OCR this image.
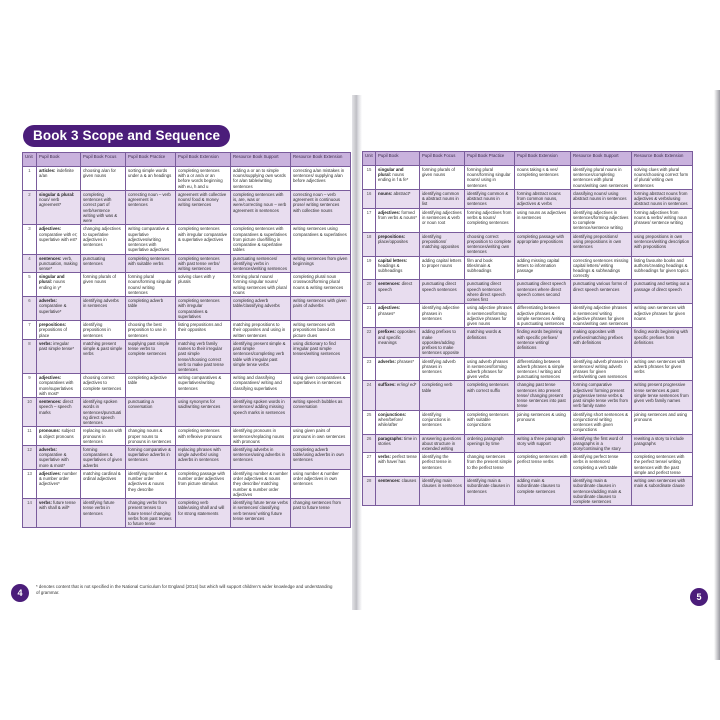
Book 3 Scope and Sequence
Unit	Pupil Book	Pupil Book Focus	Pupil Book Practice	Pupil Book Extension	Resource Book Support	Resource Book Extension
1	articles: indefinite a/an	choosing a/an for given nouns	sorting simple words under a & an headings	completing sentences with a or an/a or an before words beginning with eu, h and u	adding a or an to simple nouns/supplying own words for a/an table/writing sentences	correcting a/an mistakes in sentences/ supplying a/an before adjectives
2	singular & plural: noun/ verb agreement*	completing sentences with correct part of verb/sentence writing with was & were	correcting noun – verb agreement in sentences	agreement with collective nouns/ food & money writing sentences	completing sentences with is, are, was or were/correcting noun – verb agreement in sentences	correcting noun – verb agreement in continuous prose/ writing sentences with collective nouns
3	adjectives: comparative with er; superlative with est*	changing adjectives to superlative adjectives in sentences	writing comparative & superlative adjectives/writing sentences with superlative adjectives	completing sentences with irregular comparative & superlative adjectives	completing sentences with comparatives & superlatives from picture clue/filling in comparative & superlative tables	writing sentences using comparatives & superlatives
4	sentences: verb, punctuation, making sense*	punctuating sentences	completing sentences with suitable verbs	completing sentences with past tense verbs/ writing sentences	punctuating sentences/ identifying verbs in sentences/writing sentences	writing sentences from given beginnings
5	singular and plural: nouns ending in y*	forming plurals of given nouns	forming plural nouns/forming singular nouns/ writing sentences	solving clues with y plurals	forming plural nouns/ forming singular nouns/ writing sentences with plural nouns	completing plural noun crossword/forming plural nouns & writing sentences
6	adverbs: comparative & superlative*	identifying adverbs in sentences	completing adverb table	completing sentences with irregular comparatives & superlatives	completing adverb table/classifying adverbs	writing sentences with given pairs of adverbs
7	prepositions: prepositions of place	identifying prepositions in sentences	choosing the best preposition to use in sentences	listing prepositions and their opposites	matching prepositions to their opposites and using in written sentences	writing sentences with prepositions based on picture clues
8	verbs: irregular past simple tense*	matching present simple & past simple verbs	supplying past simple tense verbs to complete sentences	matching verb family names to their irregular past simple tense/choosing correct verb to make past tense sentences	identifying present simple & past simple sentences/completing verb table with irregular past simple tense verbs	using dictionary to find irregular past simple tenses/writing sentences
9	adjectives: comparatives with more/superlatives with most*	choosing correct adjectives to complete sentences	completing adjective table	writing comparatives & superlatives/writing sentences	writing and classifying comparatives/ writing and classifying superlatives	using given comparatives & superlatives in sentences
10	sentences: direct speech – speech marks	identifying spoken words in sentences/punctuating direct speech sentences	punctuating a conversation	using synonyms for said/writing sentences	identifying spoken words in sentences/ adding missing speech marks in sentences	writing speech bubbles as conversation
11	pronouns: subject & object pronouns	replacing nouns with pronouns in sentences	changing nouns & proper nouns to pronouns in sentences	completing sentences with reflexive pronouns	identifying pronouns in sentences/replacing nouns with pronouns	using given pairs of pronouns in own sentences
12	adverbs: comparative & superlative with more & most*	forming comparatives & superlatives of given adverbs	forming comparative & superlative adverbs in sentences	replacing phrases with single adverbs/ using adverbs in sentences	identifying adverbs in sentences/using adverbs in sentences	completing adverb table/using adverbs in own sentences
13	adjectives: number & number order adjectives*	matching cardinal & ordinal adjectives	identifying number & number order adjectives & nouns they describe	completing passage with number order adjectives from picture stimulus	identifying number & number order adjectives & nouns they describe/ matching number & number order adjectives	using number & number order adjectives in own sentences
14	verbs: future tense with shall & will*	identifying future tense verbs in sentences	changing verbs from present tenses to future tense/ changing verbs from past tenses to future tense	completing verb table/using shall and will for strong statements	identifying future tense verbs in sentences/ classifying verb tenses/ writing future tense sentences	changing sentences from past to future tense
Unit	Pupil Book	Pupil Book Focus	Pupil Book Practice	Pupil Book Extension	Resource Book Support	Resource Book Extension
15	singular and plural: nouns ending in f & fe*	forming plurals of given nouns	forming plural nouns/forming singular nouns/ using in sentences	nouns taking s & ves/ completing sentences	identifying plural nouns in sentences/completing sentences with plural nouns/writing own sentences	solving clues with plural nouns/choosing correct form of plural/ writing own sentences
16	nouns: abstract*	identifying common & abstract nouns in list	identifying common & abstract nouns in sentences	forming abstract nouns from common nouns, adjectives & verbs	classifying nouns/ using abstract nouns in sentences	forming abstract nouns from adjectives & verbs/using abstract nouns in sentences
17	adjectives: formed from verbs & nouns*	identifying adjectives in sentences & verb or noun root	forming adjectives from verbs & nouns/ completing sentences	using nouns as adjectives in sentences	identifying adjectives in sentences/forming adjectives to complete sentence/sentence writing	forming adjectives from nouns & verbs/ writing noun phrases/ sentence writing
18	prepositions: place/opposites	identifying prepositions/ matching opposites	choosing correct preposition to complete sentences/writing own sentences	completing passage with appropriate prepositions	identifying prepositions/ using prepositions in own sentences	using prepositions in own sentences/writing description with prepositions
19	capital letters: headings & subheadings	adding capital letters to proper nouns	film and book titles/main & subheadings	adding missing capital letters to information passage	correcting sentences missing capital letters/ writing headings & subheadings correctly	listing favourite books and authors/creating headings & subheadings for given topics
20	sentences: direct speech	punctuating direct speech sentences	punctuating direct speech sentences where direct speech comes first	punctuating direct speech sentences where direct speech comes second	punctuating various forms of direct speech sentences	punctuating and setting out a passage of direct speech
21	adjectives: phrases*	identifying adjective phrases in sentences	using adjective phrases in sentences/forming adjective phrases for given nouns	differentiating between adjective phrases & simple sentences /writing & punctuating sentences	identifying adjective phrases in sentences/ writing adjective phrases for given nouns/writing own sentences	writing own sentences with adjective phrases for given nouns
22	prefixes: opposites and specific meanings	adding prefixes to make opposites/adding prefixes to make sentences opposite	matching words & definitions	finding words beginning with specific prefixes/ sentence writing/ definitions	making opposites with prefixes/matching prefixes with definitions	finding words beginning with specific prefixes from definitions
23	adverbs: phrases*	identifying adverb phrases in sentences	using adverb phrases in sentences/forming adverb phrases for given verbs	differentiating between adverb phrases & simple sentences / writing and punctuating sentences	identifying adverb phrases in sentences/ writing adverb phrases for given verbs/writing own sentences	writing own sentences with adverb phrases for given verbs
24	suffixes: er/ing/ ed*	completing verb table	completing sentences with correct suffix	changing past tense sentences into present tense/ changing present tense sentences into past tense	forming comparative adjectives/ forming present progressive tense verbs & past simple tense verbs from verb family name	writing present progressive tense sentences & past simple tense sentences from given verb family names
25	conjunctions: when/before/ while/after	identifying conjunctions in sentences	completing sentences with suitable conjunctions	joining sentences & using pronouns	identifying short sentences & conjunctions/ writing sentences with given conjunctions	joining sentences and using pronouns
26	paragraphs: time in stories	answering questions about structure in extended writing	ordering paragraph openings by time	writing a three paragraph story with support	identifying the first word of paragraphs in a story/continuing the story	rewriting a story to include paragraphs
27	verbs: perfect tense with have/ has	identifying the perfect tense in sentences	changing sentences from the present simple to the perfect tense	completing sentences with perfect tense verbs	identifying perfect tense verbs in sentences/ completing a verb table	completing sentences with the perfect tense/ writing sentences with the past simple and perfect tense
28	sentences: clauses	identifying main clauses in sentences	identifying main & subordinate clauses in sentences	adding main & subordinate clauses to complete sentences	identifying main & subordinate clauses in sentences/adding main & subordinate clauses to complete sentences	writing own sentences with main & subordinate clause
4
* denotes content that is not specified in the National Curriculum for England (2014) but which will support children's wider knowledge and understanding of grammar.	5
